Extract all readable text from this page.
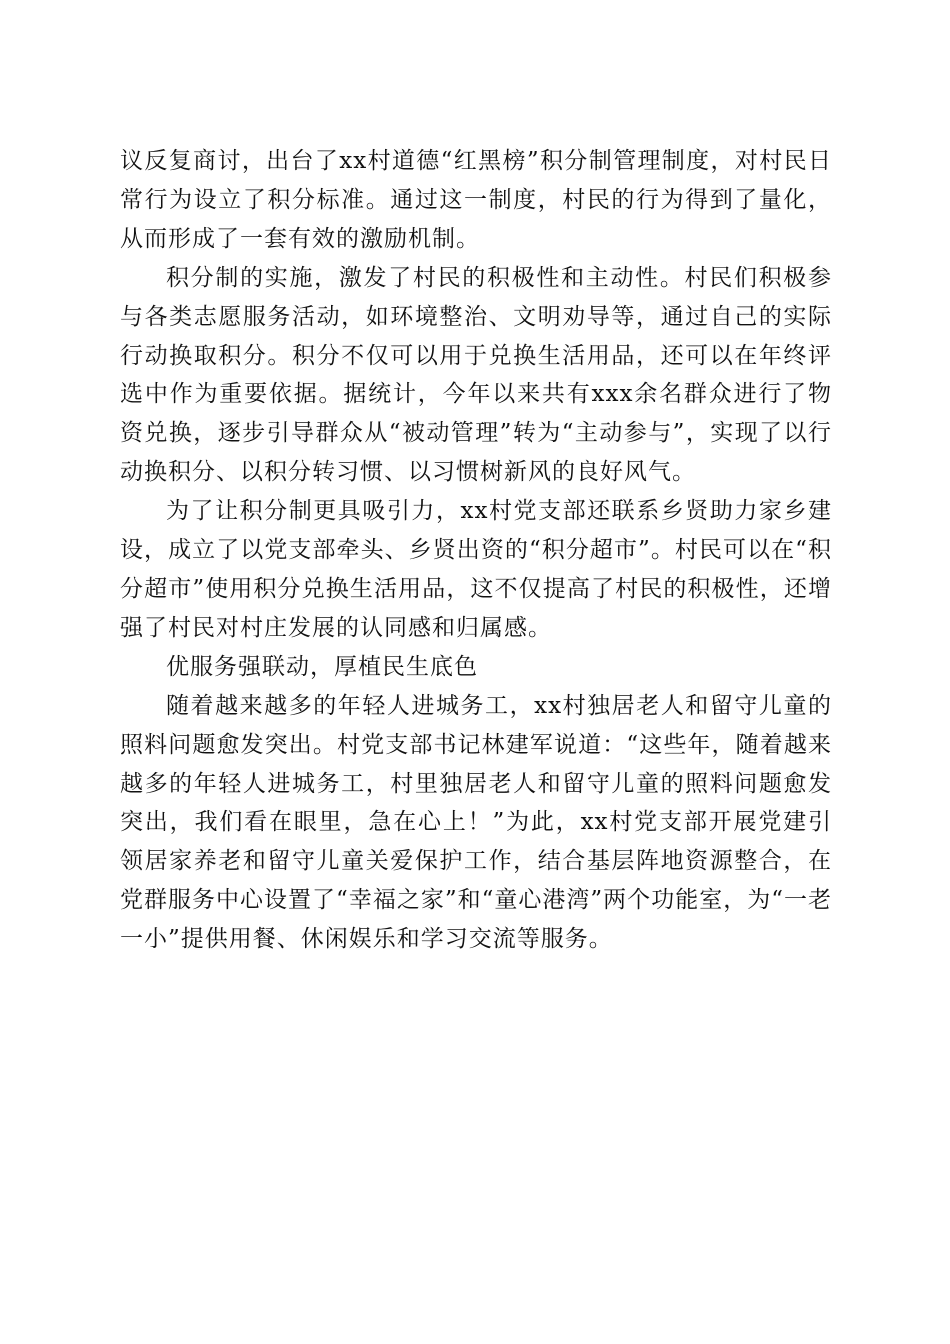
议反复商讨，出台了xx村道德“红黑榜”积分制管理制度，对村民日常行为设立了积分标准。通过这一制度，村民的行为得到了量化，从而形成了一套有效的激励机制。

积分制的实施，激发了村民的积极性和主动性。村民们积极参与各类志愿服务活动，如环境整治、文明劝导等，通过自己的实际行动换取积分。积分不仅可以用于兑换生活用品，还可以在年终评选中作为重要依据。据统计，今年以来共有xxx余名群众进行了物资兑换，逐步引导群众从“被动管理”转为“主动参与”，实现了以行动换积分、以积分转习惯、以习惯树新风的良好风气。

为了让积分制更具吸引力，xx村党支部还联系乡贤助力家乡建设，成立了以党支部牵头、乡贤出资的“积分超市”。村民可以在“积分超市”使用积分兑换生活用品，这不仅提高了村民的积极性，还增强了村民对村庄发展的认同感和归属感。

优服务强联动，厚植民生底色

随着越来越多的年轻人进城务工，xx村独居老人和留守儿童的照料问题愈发突出。村党支部书记林建军说道：“这些年，随着越来越多的年轻人进城务工，村里独居老人和留守儿童的照料问题愈发突出，我们看在眼里，急在心上！”为此，xx村党支部开展党建引领居家养老和留守儿童关爱保护工作，结合基层阵地资源整合，在党群服务中心设置了“幸福之家”和“童心港湾”两个功能室，为“一老一小”提供用餐、休闲娱乐和学习交流等服务。
